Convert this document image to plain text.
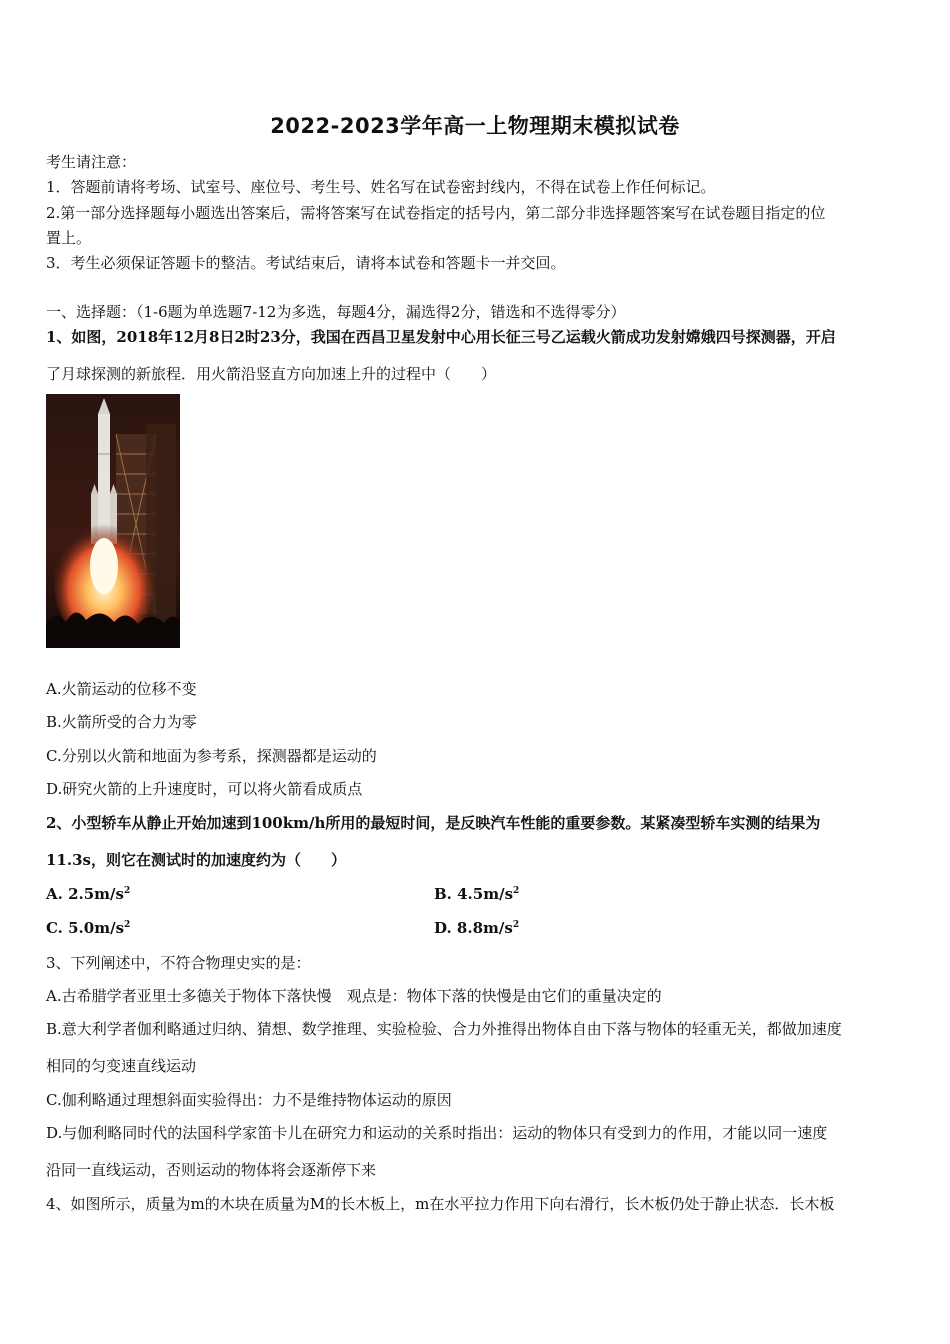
2022-2023学年高一上物理期末模拟试卷
考生请注意：
1．答题前请将考场、试室号、座位号、考生号、姓名写在试卷密封线内，不得在试卷上作任何标记。
2.第一部分选择题每小题选出答案后，需将答案写在试卷指定的括号内，第二部分非选择题答案写在试卷题目指定的位
置上。
3．考生必须保证答题卡的整洁。考试结束后，请将本试卷和答题卡一并交回。
一、选择题：（1-6题为单选题7-12为多选，每题4分，漏选得2分，错选和不选得零分）
1、如图，2018年12月8日2时23分，我国在西昌卫星发射中心用长征三号乙运载火箭成功发射嫦娥四号探测器，开启
了月球探测的新旅程．用火箭沿竖直方向加速上升的过程中（　　）
A.火箭运动的位移不变
B.火箭所受的合力为零
C.分别以火箭和地面为参考系，探测器都是运动的
D.研究火箭的上升速度时，可以将火箭看成质点
2、小型轿车从静止开始加速到100km/h所用的最短时间，是反映汽车性能的重要参数。某紧凑型轿车实测的结果为
11.3s，则它在测试时的加速度约为（　　）
A. $2.5m/s^2$	B. $4.5m/s^2$
C. $5.0m/s^2$	D. $8.8m/s^2$
3、下列阐述中，不符合物理史实的是：
A.古希腊学者亚里士多德关于物体下落快慢　观点是：物体下落的快慢是由它们的重量决定的
B.意大利学者伽利略通过归纳、猜想、数学推理、实验检验、合力外推得出物体自由下落与物体的轻重无关，都做加速度
相同的匀变速直线运动
C.伽利略通过理想斜面实验得出：力不是维持物体运动的原因
D.与伽利略同时代的法国科学家笛卡儿在研究力和运动的关系时指出：运动的物体只有受到力的作用，才能以同一速度
沿同一直线运动，否则运动的物体将会逐渐停下来
4、如图所示，质量为m的木块在质量为M的长木板上，m在水平拉力作用下向右滑行，长木板仍处于静止状态．长木板
